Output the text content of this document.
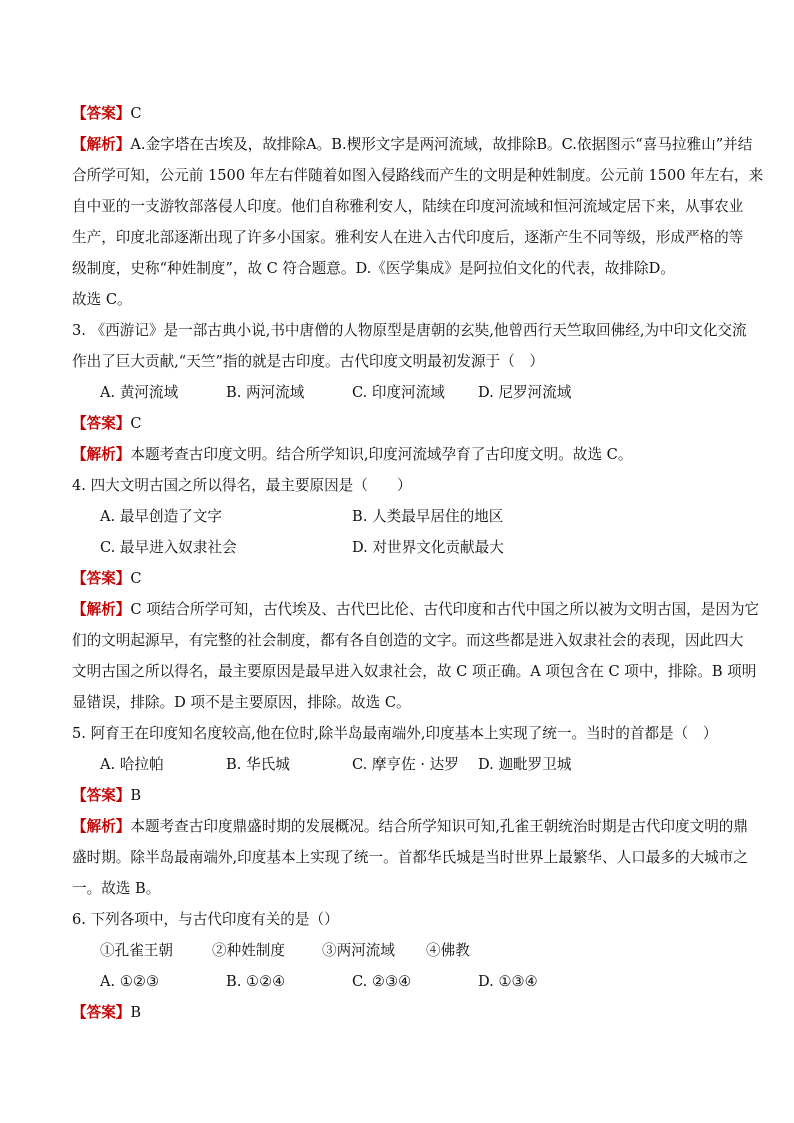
【答案】C
【解析】A.金字塔在古埃及，故排除A。B.楔形文字是两河流域，故排除B。C.依据图示“喜马拉雅山”并结
合所学可知，公元前 1500 年左右伴随着如图入侵路线而产生的文明是种姓制度。公元前 1500 年左右，来
自中亚的一支游牧部落侵人印度。他们自称雅利安人，陆续在印度河流域和恒河流域定居下来，从事农业
生产，印度北部逐渐出现了许多小国家。雅利安人在进入古代印度后，逐渐产生不同等级，形成严格的等
级制度，史称“种姓制度”，故 C 符合题意。D.《医学集成》是阿拉伯文化的代表，故排除D。
故选 C。
3. 《西游记》是一部古典小说,书中唐僧的人物原型是唐朝的玄奘,他曾西行天竺取回佛经,为中印文化交流
作出了巨大贡献,“天竺”指的就是古印度。古代印度文明最初发源于（　）
A. 黄河流域	B. 两河流域	C. 印度河流域 D. 尼罗河流域
【答案】C
【解析】本题考查古印度文明。结合所学知识,印度河流域孕育了古印度文明。故选 C。
4. 四大文明古国之所以得名，最主要原因是（　　）
A. 最早创造了文字	B. 人类最早居住的地区
C. 最早进入奴隶社会	D. 对世界文化贡献最大
【答案】C
【解析】C 项结合所学可知，古代埃及、古代巴比伦、古代印度和古代中国之所以被为文明古国，是因为它
们的文明起源早，有完整的社会制度，都有各自创造的文字。而这些都是进入奴隶社会的表现，因此四大
文明古国之所以得名，最主要原因是最早进入奴隶社会，故 C 项正确。A 项包含在 C 项中，排除。B 项明
显错误，排除。D 项不是主要原因，排除。故选 C。
5. 阿育王在印度知名度较高,他在位时,除半岛最南端外,印度基本上实现了统一。当时的首都是（　）
A. 哈拉帕	B. 华氏城	C. 摩亨佐 · 达罗 D. 迦毗罗卫城
【答案】B
【解析】本题考查古印度鼎盛时期的发展概况。结合所学知识可知,孔雀王朝统治时期是古代印度文明的鼎
盛时期。除半岛最南端外,印度基本上实现了统一。首都华氏城是当时世界上最繁华、人口最多的大城市之
一。故选 B。
6. 下列各项中，与古代印度有关的是（）
①孔雀王朝	②种姓制度	③两河流域 ④佛教
A. ①②③	B. ①②④	C. ②③④	D. ①③④
【答案】B
